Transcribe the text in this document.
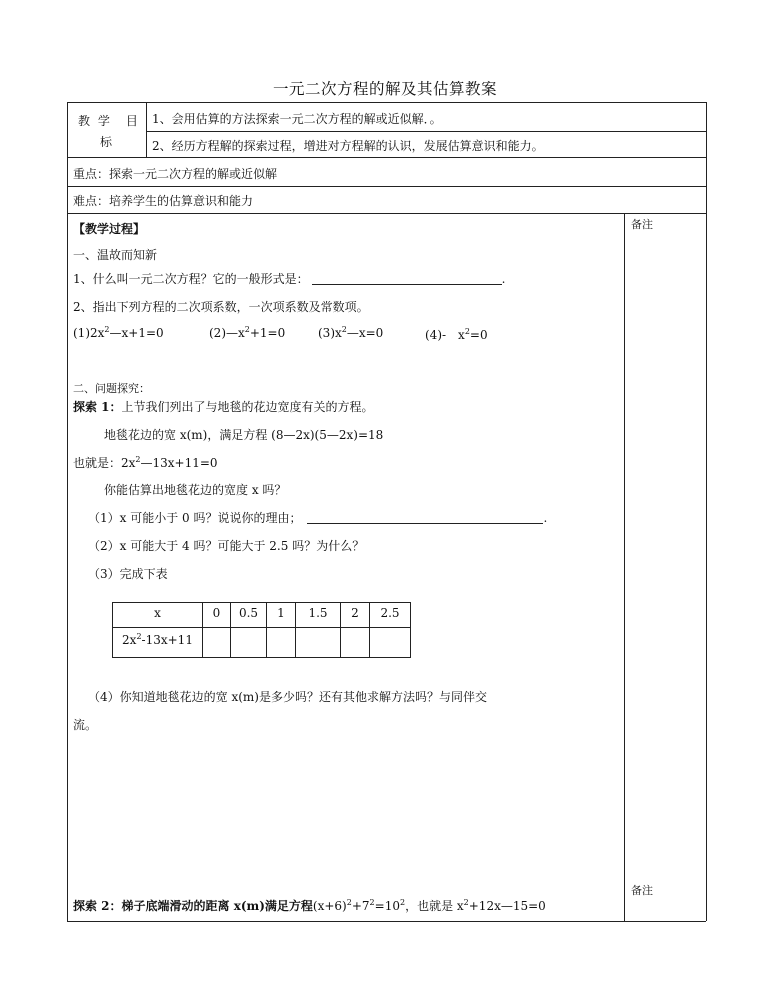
一元二次方程的解及其估算教案
教 学　目
标
1、会用估算的方法探索一元二次方程的解或近似解．。
2、经历方程解的探索过程，增进对方程解的认识，发展估算意识和能力。
重点：探索一元二次方程的解或近似解
难点：培养学生的估算意识和能力
备注
备注
【教学过程】
一、温故而知新
1、什么叫一元二次方程？它的一般形式是：	.
2、指出下列方程的二次项系数，一次项系数及常数项。
$(1)2x^2—x+1=0$	$(2)—x^2+1=0$	$(3)x^2—x=0$	(4)-　$x^2=0$
二、问题探究：
探索 1：上节我们列出了与地毯的花边宽度有关的方程。
地毯花边的宽 x(m)，满足方程 (8—2x)(5—2x)=18
也就是：$2x^2—13x+11=0$
你能估算出地毯花边的宽度 x 吗？
（1）x 可能小于 0 吗？说说你的理由；	.
（2）x 可能大于 4 吗？可能大于 2.5 吗？为什么？
（3）完成下表
x	0	0.5	1	1.5	2	2.5
$2x^2-13x+11$						
（4）你知道地毯花边的宽 x(m)是多少吗？还有其他求解方法吗？与同伴交
流。
探索 2：梯子底端滑动的距离 x(m)满足方程$(x+6)^2+7^2=10^2$，也就是 $x^2+12x—15=0$
